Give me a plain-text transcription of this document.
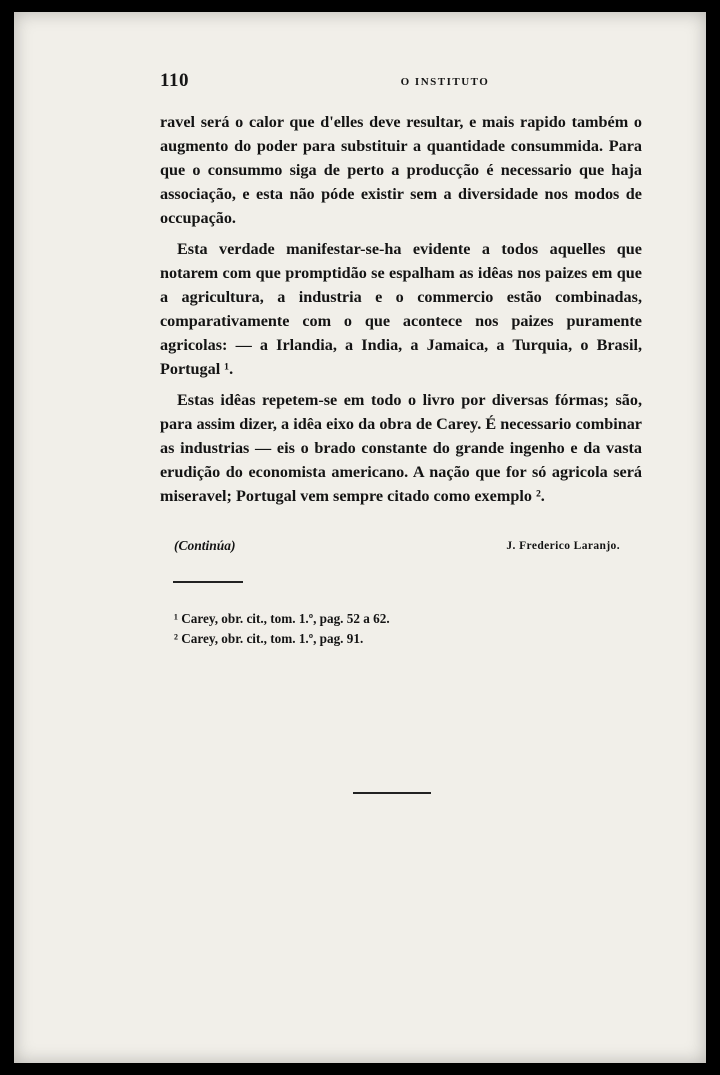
110	O INSTITUTO

ravel será o calor que d'elles deve resultar, e mais rapido também o augmento do poder para substituir a quantidade consummida. Para que o consummo siga de perto a producção é necessario que haja associação, e esta não póde existir sem a diversidade nos modos de occupação.

Esta verdade manifestar-se-ha evidente a todos aquelles que notarem com que promptidão se espalham as idêas nos paizes em que a agricultura, a industria e o commercio estão combinadas, comparativamente com o que acontece nos paizes puramente agricolas: — a Irlandia, a India, a Jamaica, a Turquia, o Brasil, Portugal ¹.

Estas idêas repetem-se em todo o livro por diversas fórmas; são, para assim dizer, a idêa eixo da obra de Carey. É necessario combinar as industrias — eis o brado constante do grande ingenho e da vasta erudição do economista americano. A nação que for só agricola será miseravel; Portugal vem sempre citado como exemplo ².

(Continúa)	J. Frederico Laranjo.
¹ Carey, obr. cit., tom. 1.º, pag. 52 a 62.
² Carey, obr. cit., tom. 1.º, pag. 91.
